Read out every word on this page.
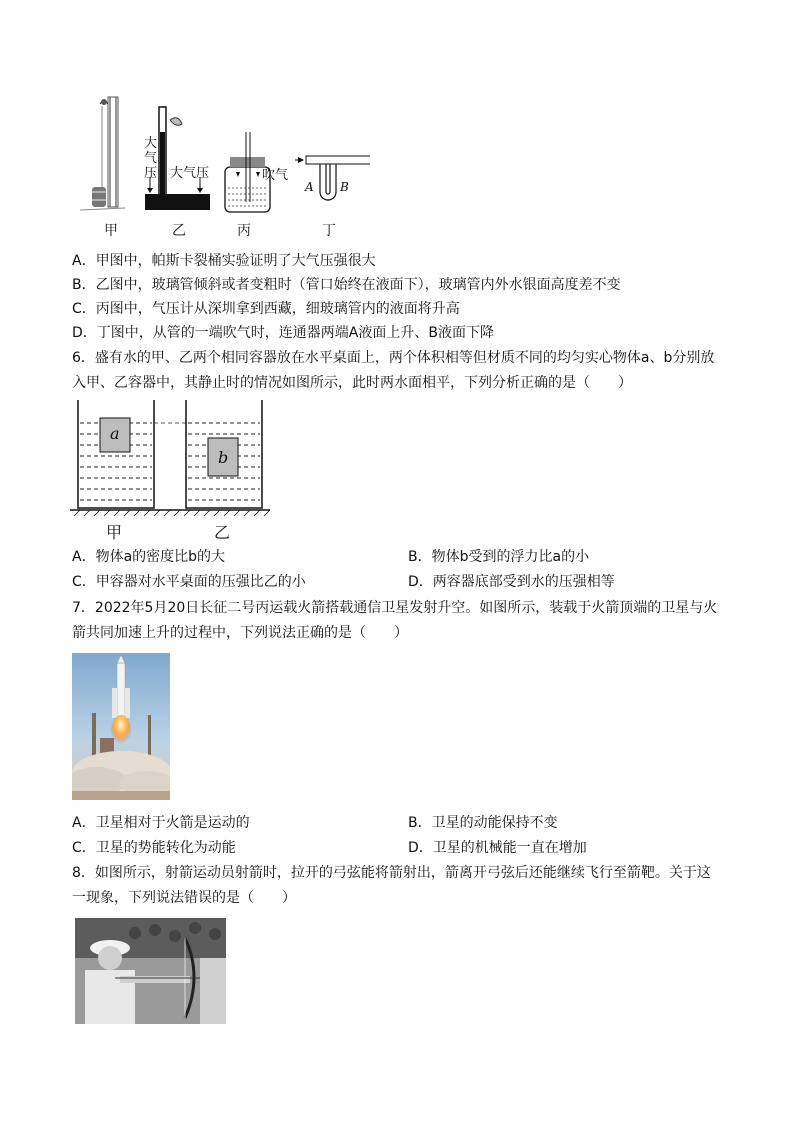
大
气
压 大气压	吹气
A B
甲	乙	丙	丁
A．甲图中，帕斯卡裂桶实验证明了大气压强很大
B．乙图中，玻璃管倾斜或者变粗时（管口始终在液面下），玻璃管内外水银面高度差不变
C．丙图中，气压计从深圳拿到西藏，细玻璃管内的液面将升高
D．丁图中，从管的一端吹气时，连通器两端A液面上升、B液面下降
6．盛有水的甲、乙两个相同容器放在水平桌面上，两个体积相等但材质不同的均匀实心物体a、b分别放
入甲、乙容器中，其静止时的情况如图所示，此时两水面相平，下列分析正确的是（　　）
a
b
甲	乙
A．物体a的密度比b的大	B．物体b受到的浮力比a的小
C．甲容器对水平桌面的压强比乙的小	D．两容器底部受到水的压强相等
7．2022年5月20日长征二号丙运载火箭搭载通信卫星发射升空。如图所示，装载于火箭顶端的卫星与火
箭共同加速上升的过程中，下列说法正确的是（　　）
A．卫星相对于火箭是运动的	B．卫星的动能保持不变
C．卫星的势能转化为动能	D．卫星的机械能一直在增加
8．如图所示，射箭运动员射箭时，拉开的弓弦能将箭射出，箭离开弓弦后还能继续飞行至箭靶。关于这
一现象，下列说法错误的是（　　）
